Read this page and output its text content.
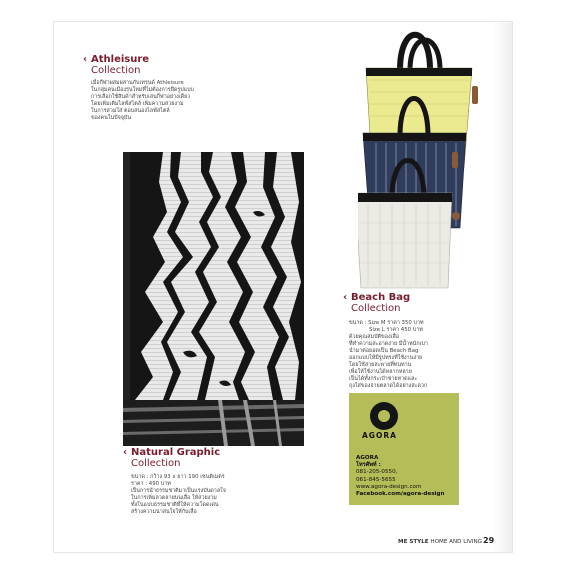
‹ Athleisure
Collection
เมื่อกีฬาผสมผสานกับเทรนด์ Athleisure
ในกลุ่มคนเมืองรุ่นใหม่ที่ไม่ต้องการยึดรูปแบบ
การเลือกใช้สินค้าสำหรับเล่นกีฬาอย่างเดียว
โดยเพิ่มเติมไลฟ์สไตล์ เพิ่มความสวยงาม
ในการสวมใส่ ตอบสนองไลฟ์สไตล์
ของคนในปัจจุบัน
‹ Beach Bag
Collection
ขนาด : Size M ราคา 350 บาท
Size L ราคา 450 บาท
ด้วยคุณสมบัติของเสื่อ
ที่ทำความสะอาดง่าย มีน้ำหนักเบา
นำมาต่อยอดเป็น Beach Bag
ออกแบบให้มีรูปทรงที่ใช้งานง่าย
โดยใช้สายสะพายที่ทนทาน
เพื่อให้ใช้งานได้หลากหลาย
เป็นได้ทั้งกระเป๋าชายหาดและ
ถุงใส่ของจ่ายตลาดได้อย่างสะดวก
‹ Natural Graphic
Collection
ขนาด : กว้าง 93 x ยาว 190 เซนติเมตร
ราคา : 490 บาท
เป็นการนำธรรมชาติมาเป็นแรงบันดาลใจ
ในการเพิ่มลวดลายบนเสื่อ ให้สวยงาม
ทั้งในแบบธรรมชาติที่ให้ความโดดเด่น
สร้างความน่าสนใจให้กับเสื่อ
AGORA
AGORA
โทรศัพท์ :
081-205-0550,
061-845-5655
www.agora-design.com
Facebook.com/agora-design
ME STYLE HOME AND LIVING 29
